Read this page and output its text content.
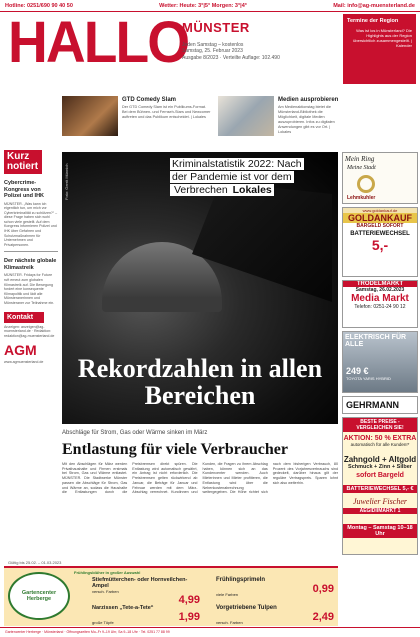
Hotline: 0251/690 90 40 50	Wetter: Heute: 3°|5° Morgen: 3°|4°	Mail: info@ag-muensterland.de
HALLO
MÜNSTER
Jeden Samstag – kostenlos
Samstag, 25. Februar 2023
Ausgabe 8/2023 · Verteilte Auflage: 102.490
Termine der Region
Was ist los in Münsterland? Die Highlights aus der Region übersichtlich zusammengestellt. | Kalender
GTD Comedy Slam
Der GTD Comedy Slam ist ein Publikums-Format. Bei dem Bühnen- und Fernseh-Stars und Newcomer auftreten und das Publikum entscheidet. | Lokales
Medien ausprobieren
Am Medienaktionstag bietet die Münsterland-Bibliothek die Möglichkeit, digitale Medien auszuprobieren. Infos zu digitalen Anwendungen gibt es vor Ort. | Lokales
Kurz notiert
Cybercrime-Kongress von Polizei und IHK
MÜNSTER. „Was kann ich eigentlich tun, um mich vor Cyberkriminalität zu schützen?“ – diese Frage haben sich wohl schon viele gestellt. Auf dem Kongress informieren Polizei und IHK über Gefahren und Schutzmaßnahmen für Unternehmen und Privatpersonen.
Der nächste globale Klimastreik
MÜNSTER. Fridays for Future ruft erneut zum globalen Klimastreik auf. Die Bewegung fordert eine konsequente Klimapolitik und lädt alle Münsteranerinnen und Münsteraner zur Teilnahme ein.
Kontakt
Anzeigen: anzeigen@ag-muensterland.de · Redaktion: redaktion@ag-muensterland.de
AGM
www.agmuensterland.de
Foto: Gerrit Münnich	Kriminalstatistik 2022: Nach
der Pandemie ist vor dem
Verbrechen Lokales
Rekordzahlen in allen Bereichen
Abschläge für Strom, Gas oder Wärme sinken im März
Entlastung für viele Verbraucher
Mit den Abschlägen für März werden Privathaushalte und Firmen erstmals bei Strom, Gas und Wärme entlastet. MÜNSTER. Die Stadtwerke Münster passen die Abschläge für Strom, Gas und Wärme an, sodass die Haushalte die Entlastungen durch die Preisbremsen direkt spüren. Die Entlastung wird automatisch gewährt, ein Antrag ist nicht erforderlich. Die Preisbremsen gelten rückwirkend ab Januar, die Beträge für Januar und Februar werden mit dem März-Abschlag verrechnet. Kundinnen und Kunden, die Fragen zu ihrem Abschlag haben, können sich an das Kundencenter wenden. Auch Mieterinnen und Mieter profitieren, die Entlastung wird über die Nebenkostenabrechnung weitergegeben. Die Höhe richtet sich nach dem bisherigen Verbrauch, 80 Prozent des Vorjahresverbrauchs sind gedeckelt, darüber hinaus gilt der reguläre Vertragspreis. Sparen lohnt sich also weiterhin.
Mein Ring
Meine Stadt
Lehmkuhler
www.goldankauf.de
GOLDANKAUF
BARGELD SOFORT
BATTERIEWECHSEL
5,-
TRÖDELMARKT
Samstag, 26.02.2023
Media Markt
Telefon: 0251-24 90 12
ELEKTRISCH FÜR ALLE
249 €
TOYOTA YARIS HYBRID
GEHRMANN
BESTE PREISE - VERGLEICHEN SIE!
AKTION: 50 % EXTRA
automatisch für alle Kunden!*
Zahngold + Altgold
Schmuck + Zinn + Silber
sofort Bargeld
BATTERIEWECHSEL 5,- €
Juwelier Fischer
AEGIDIIMARKT 1
Montag – Samstag 10–18 Uhr
Gartencenter Herberge
Frühlingsblüher in großer Auswahl
Stiefmütterchen- oder Hornveilchen-Ampel
versch. Farben
4,99
Narzissen „Tete-a-Tete“
große Töpfe	1,99
Frühlingsprimeln
viele Farben	0,99
Vorgetriebene Tulpen
versch. Farben	2,49
Gültig bis 25.02. – 01.03.2023
Gartencenter Herberge · Münsterland · Öffnungszeiten Mo–Fr 9–19 Uhr, Sa 9–18 Uhr · Tel. 0251 77 88 99
